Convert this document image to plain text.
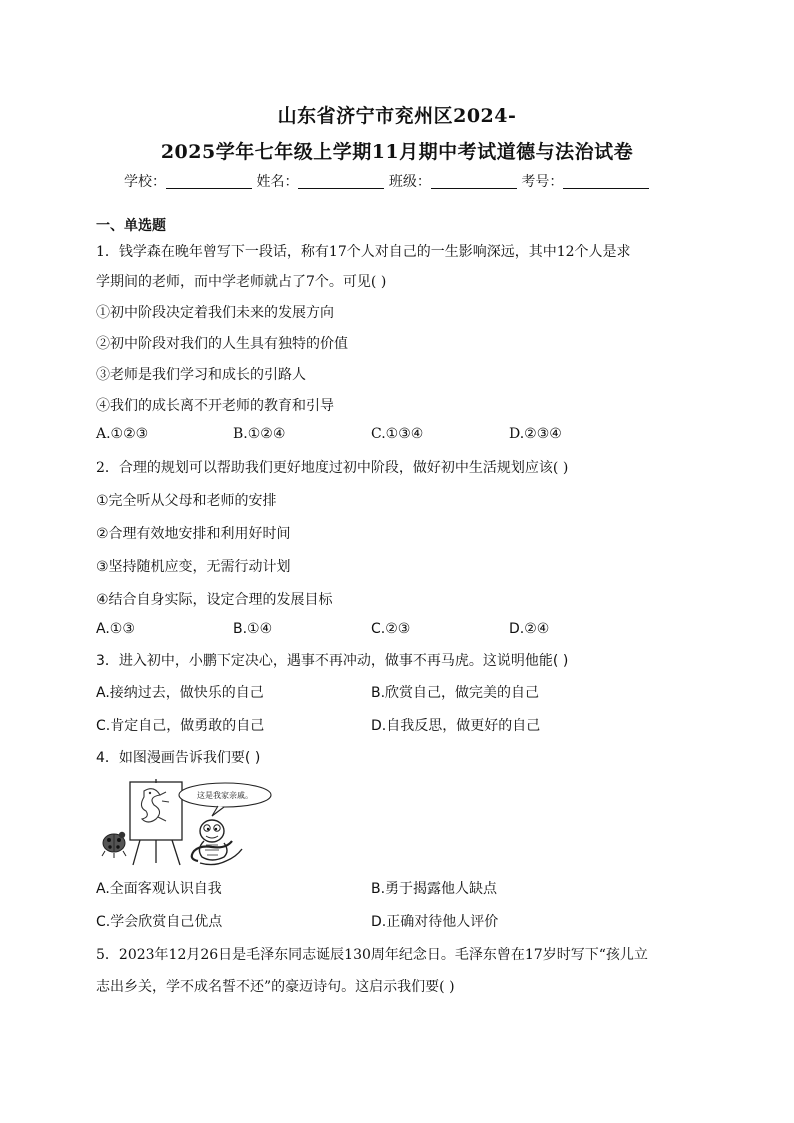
山东省济宁市兖州区2024-
2025学年七年级上学期11月期中考试道德与法治试卷
学校：	姓名：	班级：	考号：
一、单选题
1．钱学森在晚年曾写下一段话，称有17个人对自己的一生影响深远，其中12个人是求
学期间的老师，而中学老师就占了7个。可见( )
①初中阶段决定着我们未来的发展方向
②初中阶段对我们的人生具有独特的价值
③老师是我们学习和成长的引路人
④我们的成长离不开老师的教育和引导
A.①②③	B.①②④	C.①③④	D.②③④
2．合理的规划可以帮助我们更好地度过初中阶段，做好初中生活规划应该( )
①完全听从父母和老师的安排
②合理有效地安排和利用好时间
③坚持随机应变，无需行动计划
④结合自身实际，设定合理的发展目标
A.①③	B.①④	C.②③	D.②④
3．进入初中，小鹏下定决心，遇事不再冲动，做事不再马虎。这说明他能( )
A.接纳过去，做快乐的自己	B.欣赏自己，做完美的自己
C.肯定自己，做勇敢的自己	D.自我反思，做更好的自己
4．如图漫画告诉我们要( )
这是我家亲戚。
A.全面客观认识自我	B.勇于揭露他人缺点
C.学会欣赏自己优点	D.正确对待他人评价
5．2023年12月26日是毛泽东同志诞辰130周年纪念日。毛泽东曾在17岁时写下“孩儿立
志出乡关，学不成名誓不还”的豪迈诗句。这启示我们要( )
